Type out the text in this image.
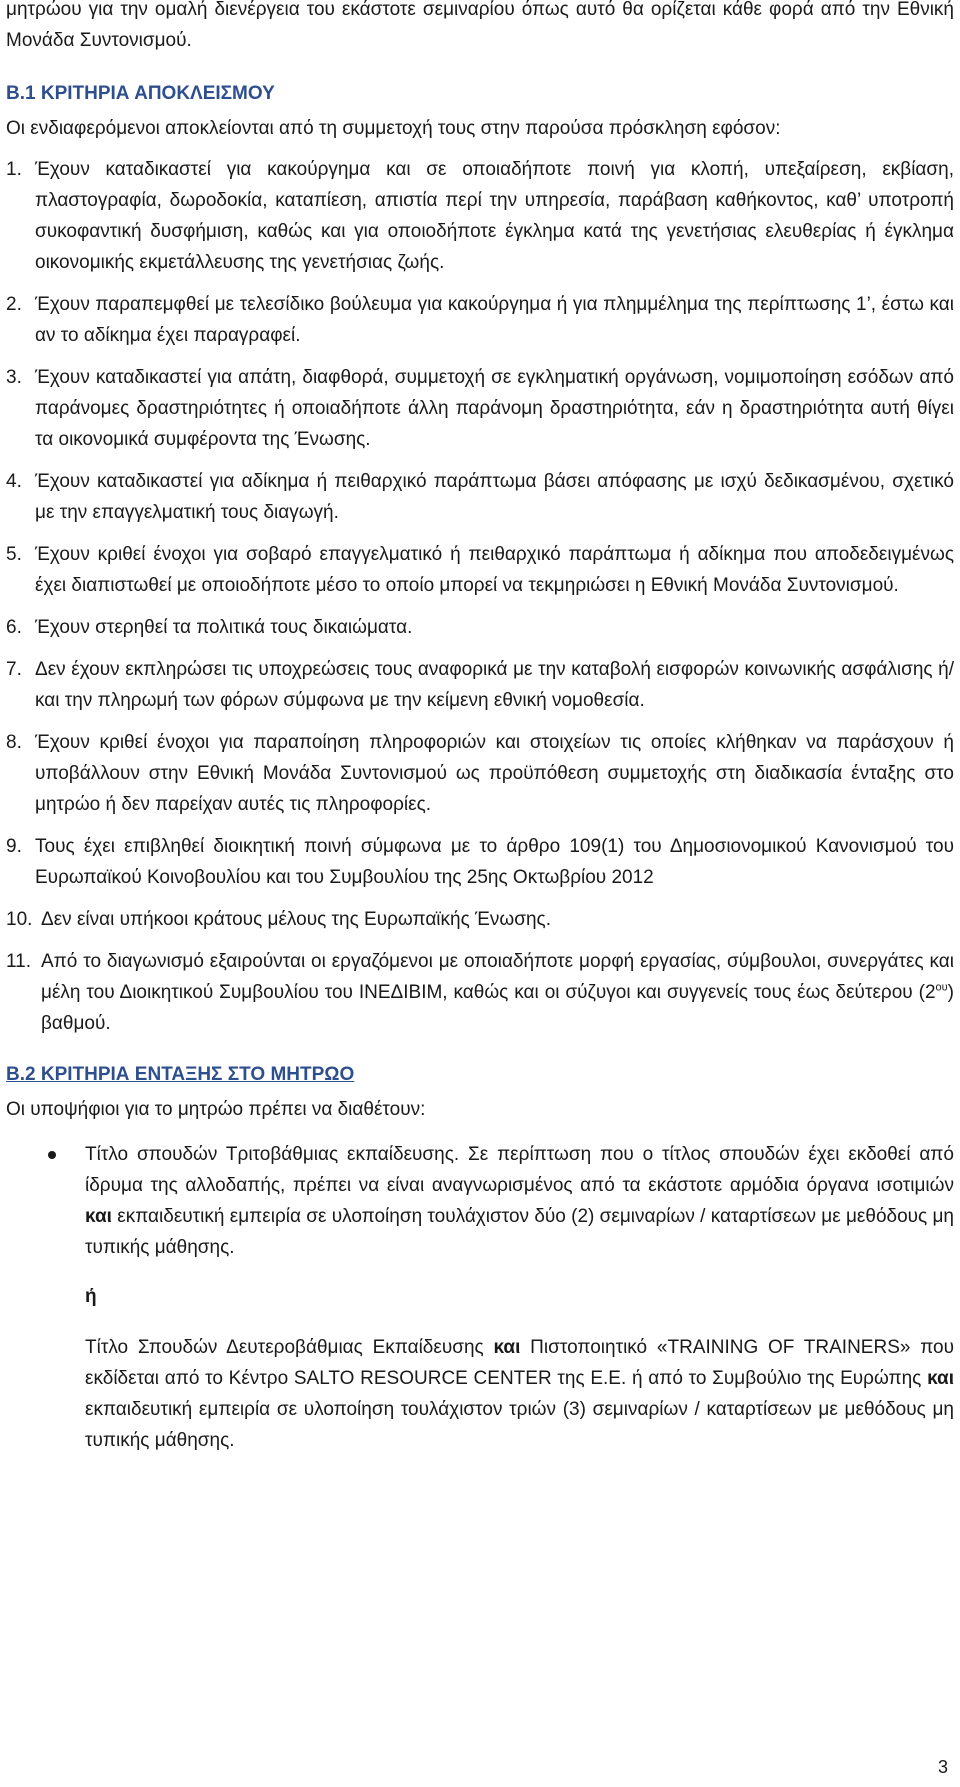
μητρώου για την ομαλή διενέργεια του εκάστοτε σεμιναρίου όπως αυτό θα ορίζεται κάθε φορά από την Εθνική Μονάδα Συντονισμού.

Β.1 ΚΡΙΤΗΡΙΑ ΑΠΟΚΛΕΙΣΜΟΥ

Οι ενδιαφερόμενοι αποκλείονται από τη συμμετοχή τους στην παρούσα πρόσκληση εφόσον:

1. Έχουν καταδικαστεί για κακούργημα και σε οποιαδήποτε ποινή για κλοπή, υπεξαίρεση, εκβίαση, πλαστογραφία, δωροδοκία, καταπίεση, απιστία περί την υπηρεσία, παράβαση καθήκοντος, καθ’ υποτροπή συκοφαντική δυσφήμιση, καθώς και για οποιοδήποτε έγκλημα κατά της γενετήσιας ελευθερίας ή έγκλημα οικονομικής εκμετάλλευσης της γενετήσιας ζωής.
2. Έχουν παραπεμφθεί με τελεσίδικο βούλευμα για κακούργημα ή για πλημμέλημα της περίπτωσης 1’, έστω και αν το αδίκημα έχει παραγραφεί.
3. Έχουν καταδικαστεί για απάτη, διαφθορά, συμμετοχή σε εγκληματική οργάνωση, νομιμοποίηση εσόδων από παράνομες δραστηριότητες ή οποιαδήποτε άλλη παράνομη δραστηριότητα, εάν η δραστηριότητα αυτή θίγει τα οικονομικά συμφέροντα της Ένωσης.
4. Έχουν καταδικαστεί για αδίκημα ή πειθαρχικό παράπτωμα βάσει απόφασης με ισχύ δεδικασμένου, σχετικό με την επαγγελματική τους διαγωγή.
5. Έχουν κριθεί ένοχοι για σοβαρό επαγγελματικό ή πειθαρχικό παράπτωμα ή αδίκημα που αποδεδειγμένως έχει διαπιστωθεί με οποιοδήποτε μέσο το οποίο μπορεί να τεκμηριώσει η Εθνική Μονάδα Συντονισμού.
6. Έχουν στερηθεί τα πολιτικά τους δικαιώματα.
7. Δεν έχουν εκπληρώσει τις υποχρεώσεις τους αναφορικά με την καταβολή εισφορών κοινωνικής ασφάλισης ή/και την πληρωμή των φόρων σύμφωνα με την κείμενη εθνική νομοθεσία.
8. Έχουν κριθεί ένοχοι για παραποίηση πληροφοριών και στοιχείων τις οποίες κλήθηκαν να παράσχουν ή υποβάλλουν στην Εθνική Μονάδα Συντονισμού ως προϋπόθεση συμμετοχής στη διαδικασία ένταξης στο μητρώο ή δεν παρείχαν αυτές τις πληροφορίες.
9. Τους έχει επιβληθεί διοικητική ποινή σύμφωνα με το άρθρο 109(1) του Δημοσιονομικού Κανονισμού του Ευρωπαϊκού Κοινοβουλίου και του Συμβουλίου της 25ης Οκτωβρίου 2012
10. Δεν είναι υπήκοοι κράτους μέλους της Ευρωπαϊκής Ένωσης.
11. Από το διαγωνισμό εξαιρούνται οι εργαζόμενοι με οποιαδήποτε μορφή εργασίας, σύμβουλοι, συνεργάτες και μέλη του Διοικητικού Συμβουλίου του ΙΝΕΔΙΒΙΜ, καθώς και οι σύζυγοι και συγγενείς τους έως δεύτερου $(2^{o\upsilon})$ βαθμού.
Β.2 ΚΡΙΤΗΡΙΑ ΕΝΤΑΞΗΣ ΣΤΟ ΜΗΤΡΩΟ

Οι υποψήφιοι για το μητρώο πρέπει να διαθέτουν:

Τίτλο σπουδών Τριτοβάθμιας εκπαίδευσης. Σε περίπτωση που ο τίτλος σπουδών έχει εκδοθεί από ίδρυμα της αλλοδαπής, πρέπει να είναι αναγνωρισμένος από τα εκάστοτε αρμόδια όργανα ισοτιμιών και εκπαιδευτική εμπειρία σε υλοποίηση τουλάχιστον δύο (2) σεμιναρίων / καταρτίσεων με μεθόδους μη τυπικής μάθησης.

ή

Τίτλο Σπουδών Δευτεροβάθμιας Εκπαίδευσης και Πιστοποιητικό «TRAINING OF TRAINERS» που εκδίδεται από το Κέντρο SALTO RESOURCE CENTER της Ε.Ε. ή από το Συμβούλιο της Ευρώπης και εκπαιδευτική εμπειρία σε υλοποίηση τουλάχιστον τριών (3) σεμιναρίων / καταρτίσεων με μεθόδους μη τυπικής μάθησης.

3
